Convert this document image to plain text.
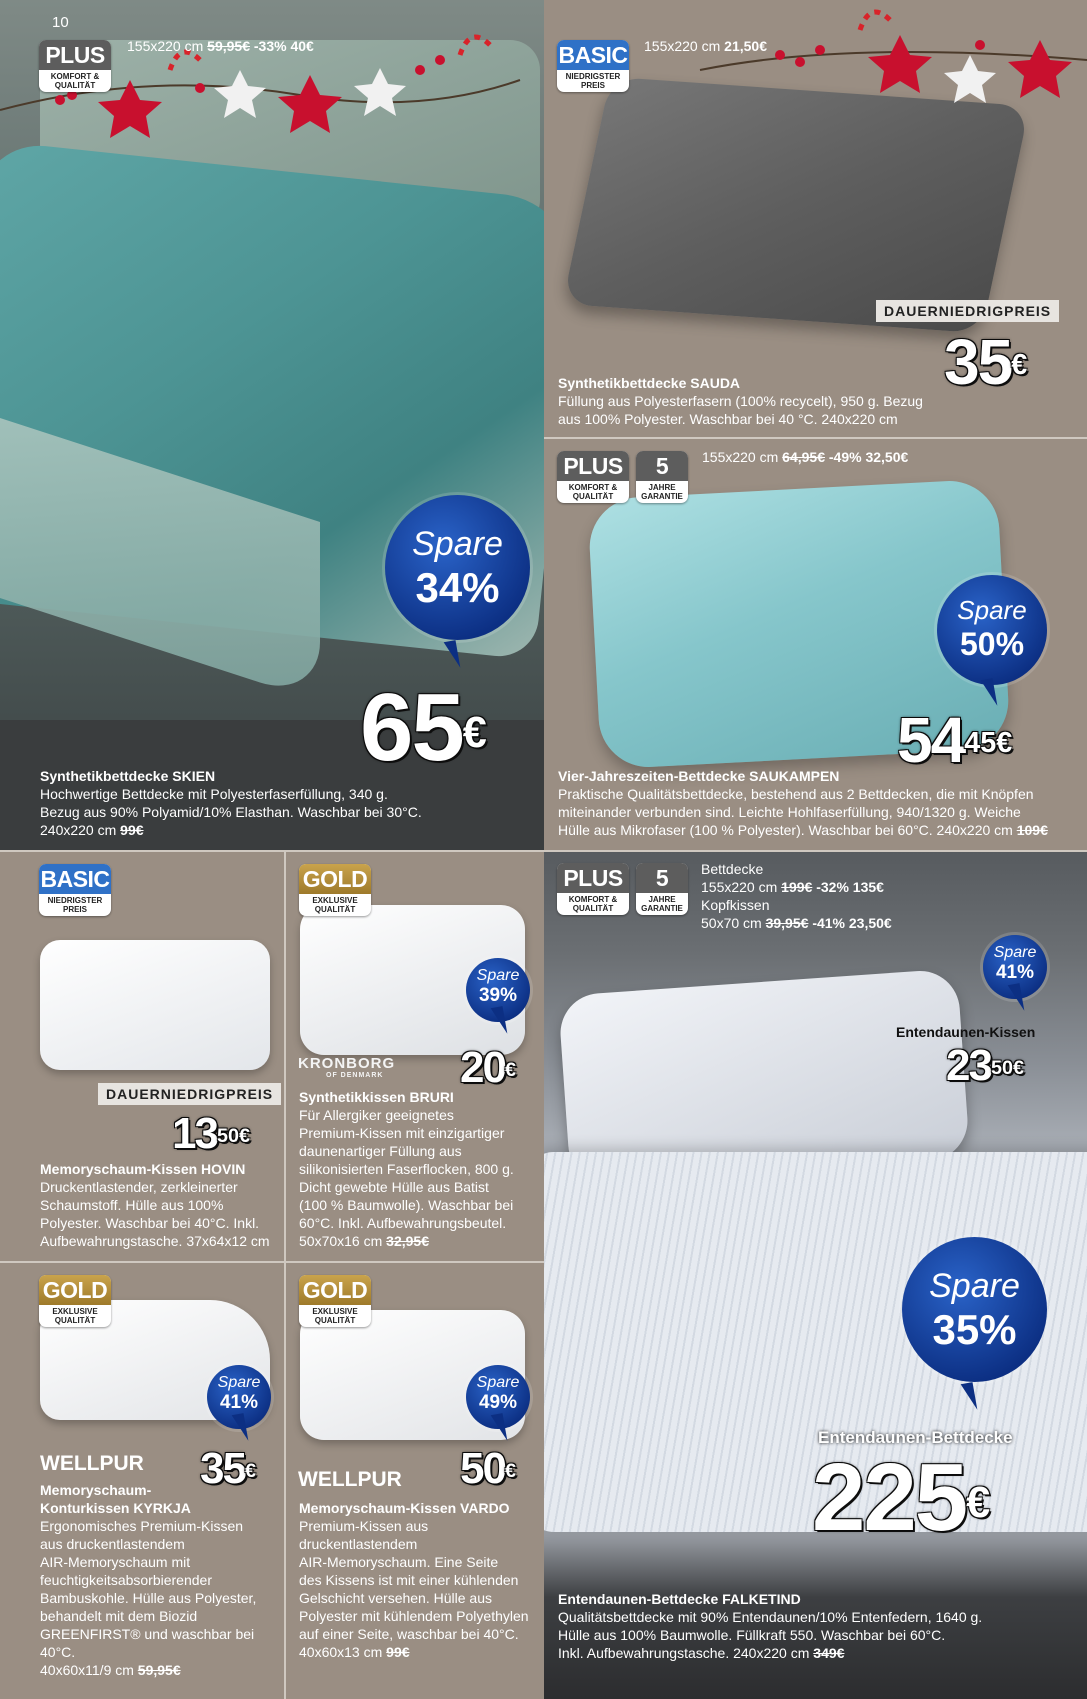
10
PLUS
KOMFORT & QUALITÄT
155x220 cm 59,95€ -33% 40€
Spare
34%
65€
Synthetikbettdecke SKIEN
Hochwertige Bettdecke mit Polyesterfaserfüllung, 340 g.
Bezug aus 90% Polyamid/10% Elasthan. Waschbar bei 30°C.
240x220 cm 99€
BASIC
NIEDRIGSTER PREIS
155x220 cm 21,50€
DAUERNIEDRIGPREIS
35€
Synthetikbettdecke SAUDA
Füllung aus Polyesterfasern (100% recycelt), 950 g. Bezug
aus 100% Polyester. Waschbar bei 40 °C. 240x220 cm
PLUS
KOMFORT & QUALITÄT
5
JAHRE GARANTIE
155x220 cm 64,95€ -49% 32,50€
Spare
50%
$54^{45€}$
Vier-Jahreszeiten-Bettdecke SAUKAMPEN
Praktische Qualitätsbettdecke, bestehend aus 2 Bettdecken, die mit Knöpfen
miteinander verbunden sind. Leichte Hohlfaserfüllung, 940/1320 g. Weiche
Hülle aus Mikrofaser (100 % Polyester). Waschbar bei 60°C. 240x220 cm 109€
BASIC
NIEDRIGSTER PREIS
DAUERNIEDRIGPREIS
$13^{50€}$
Memoryschaum-Kissen HOVIN
Druckentlastender, zerkleinerter
Schaumstoff. Hülle aus 100%
Polyester. Waschbar bei 40°C. Inkl.
Aufbewahrungstasche. 37x64x12 cm
GOLD
EXKLUSIVE QUALITÄT
Spare
39%
KRONBORG
OF DENMARK 20€
Synthetikkissen BRURI
Für Allergiker geeignetes
Premium-Kissen mit einzigartiger
daunenartiger Füllung aus
silikonisierten Faserflocken, 800 g.
Dicht gewebte Hülle aus Batist
(100 % Baumwolle). Waschbar bei
60°C. Inkl. Aufbewahrungsbeutel.
50x70x16 cm 32,95€
GOLD
EXKLUSIVE QUALITÄT
Spare
41%
WELLPUR 35€
Memoryschaum-
Konturkissen KYRKJA
Ergonomisches Premium-Kissen
aus druckentlastendem
AIR-Memoryschaum mit
feuchtigkeitsabsorbierender
Bambuskohle. Hülle aus Polyester,
behandelt mit dem Biozid
GREENFIRST® und waschbar bei 40°C.
40x60x11/9 cm 59,95€
GOLD
EXKLUSIVE QUALITÄT
Spare
49%
WELLPUR 50€
Memoryschaum-Kissen VARDO
Premium-Kissen aus
druckentlastendem
AIR-Memoryschaum. Eine Seite
des Kissens ist mit einer kühlenden
Gelschicht versehen. Hülle aus
Polyester mit kühlendem Polyethylen
auf einer Seite, waschbar bei 40°C.
40x60x13 cm 99€
PLUS
KOMFORT & QUALITÄT
5
JAHRE GARANTIE
Bettdecke
155x220 cm 199€ -32% 135€
Kopfkissen
50x70 cm 39,95€ -41% 23,50€
Spare
41%
Entendaunen-Kissen
$23^{50€}$
Spare
35%
Entendaunen-Bettdecke
225€
Entendaunen-Bettdecke FALKETIND
Qualitätsbettdecke mit 90% Entendaunen/10% Entenfedern, 1640 g.
Hülle aus 100% Baumwolle. Füllkraft 550. Waschbar bei 60°C.
Inkl. Aufbewahrungstasche. 240x220 cm 349€
